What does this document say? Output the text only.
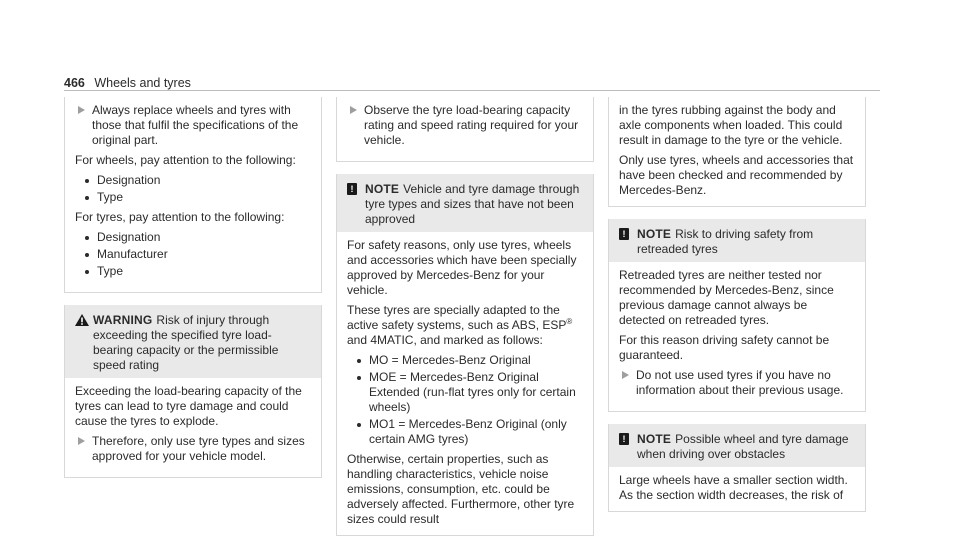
466 Wheels and tyres
Always replace wheels and tyres with those that fulfil the specifications of the original part.

For wheels, pay attention to the following:

Designation
Type

For tyres, pay attention to the following:

Designation
Manufacturer
Type
WARNING Risk of injury through exceeding the specified tyre load-bearing capacity or the permissible speed rating

Exceeding the load-bearing capacity of the tyres can lead to tyre damage and could cause the tyres to explode.

Therefore, only use tyre types and sizes approved for your vehicle model.
Observe the tyre load-bearing capacity rating and speed rating required for your vehicle.
! NOTE Vehicle and tyre damage through tyre types and sizes that have not been approved

For safety reasons, only use tyres, wheels and accessories which have been specially approved by Mercedes-Benz for your vehicle.

These tyres are specially adapted to the active safety systems, such as ABS, ESP® and 4MATIC, and marked as follows:

MO = Mercedes-Benz Original
MOE = Mercedes-Benz Original Extended (run-flat tyres only for certain wheels)
MO1 = Mercedes-Benz Original (only certain AMG tyres)

Otherwise, certain properties, such as handling characteristics, vehicle noise emissions, consumption, etc. could be adversely affected. Furthermore, other tyre sizes could result

in the tyres rubbing against the body and axle components when loaded. This could result in damage to the tyre or the vehicle.

Only use tyres, wheels and accessories that have been checked and recommended by Mercedes-Benz.

! NOTE Risk to driving safety from retreaded tyres

Retreaded tyres are neither tested nor recommended by Mercedes-Benz, since previous damage cannot always be detected on retreaded tyres.

For this reason driving safety cannot be guaranteed.

Do not use used tyres if you have no information about their previous usage.
! NOTE Possible wheel and tyre damage when driving over obstacles

Large wheels have a smaller section width. As the section width decreases, the risk of
